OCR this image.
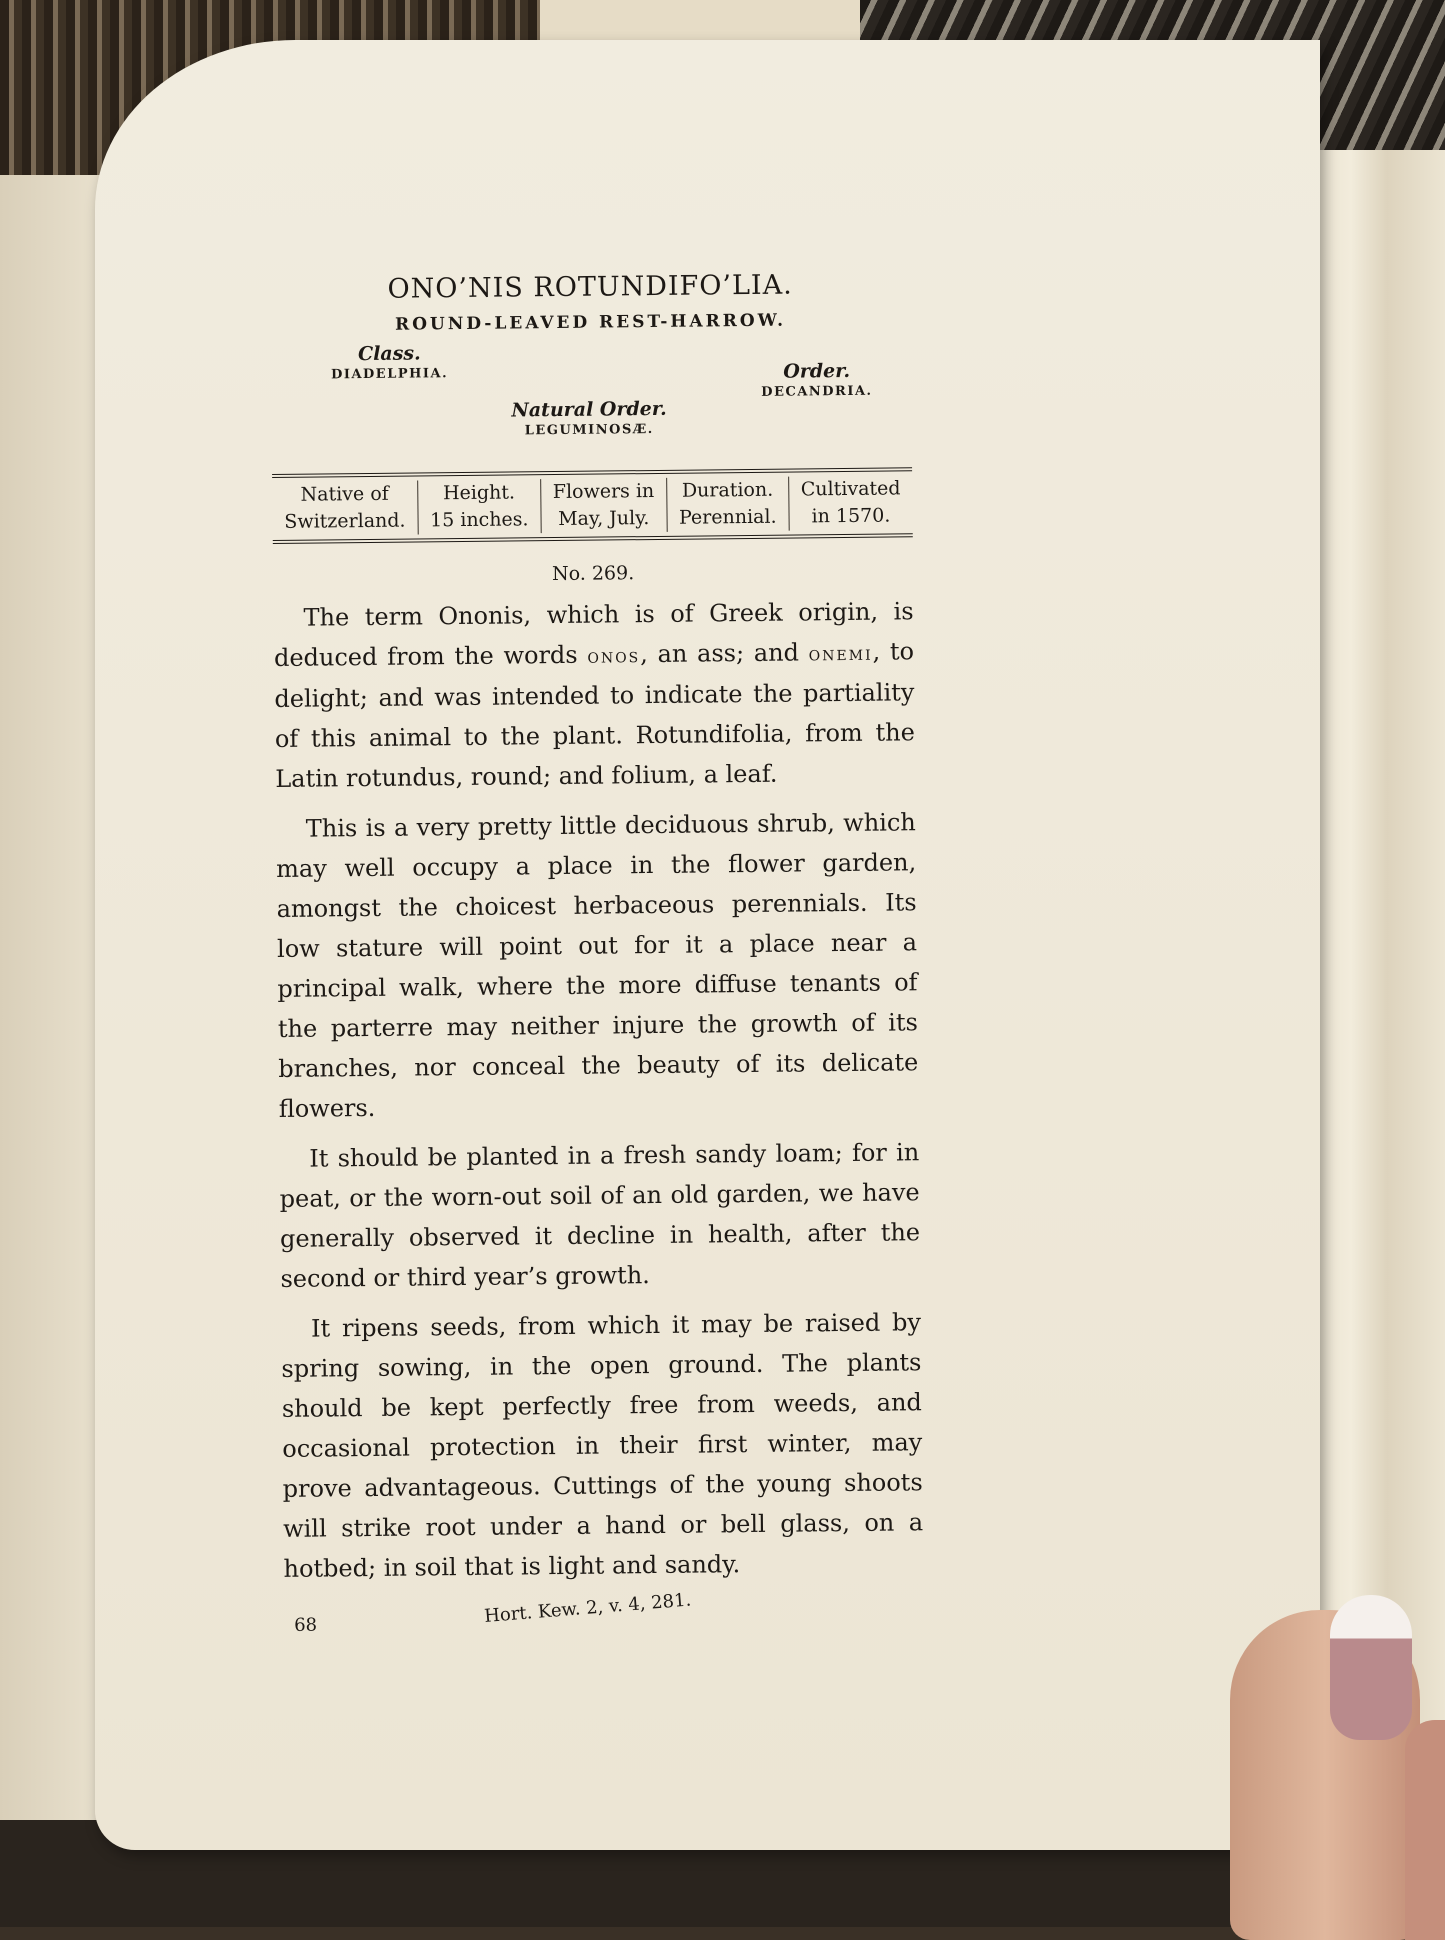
ONO’NIS ROTUNDIFO’LIA.
ROUND-LEAVED REST-HARROW.
Class.
DIADELPHIA.	Order.
DECANDRIA.
Natural Order.
LEGUMINOSÆ.
Native of
Switzerland.
Height.
15 inches.
Flowers in
May, July.
Duration.
Perennial.
Cultivated
in 1570.
No. 269.

The term Ononis, which is of Greek origin, is deduced from the words onos, an ass; and onemi, to delight; and was intended to indicate the partiality of this animal to the plant. Rotundifolia, from the Latin rotundus, round; and folium, a leaf.

This is a very pretty little deciduous shrub, which may well occupy a place in the flower garden, amongst the choicest herbaceous perennials. Its low stature will point out for it a place near a principal walk, where the more diffuse tenants of the parterre may neither injure the growth of its branches, nor conceal the beauty of its delicate flowers.

It should be planted in a fresh sandy loam; for in peat, or the worn-out soil of an old garden, we have generally observed it decline in health, after the second or third year’s growth.

It ripens seeds, from which it may be raised by spring sowing, in the open ground. The plants should be kept perfectly free from weeds, and occasional protection in their first winter, may prove advantageous. Cuttings of the young shoots will strike root under a hand or bell glass, on a hotbed; in soil that is light and sandy.

68	Hort. Kew. 2, v. 4, 281.
